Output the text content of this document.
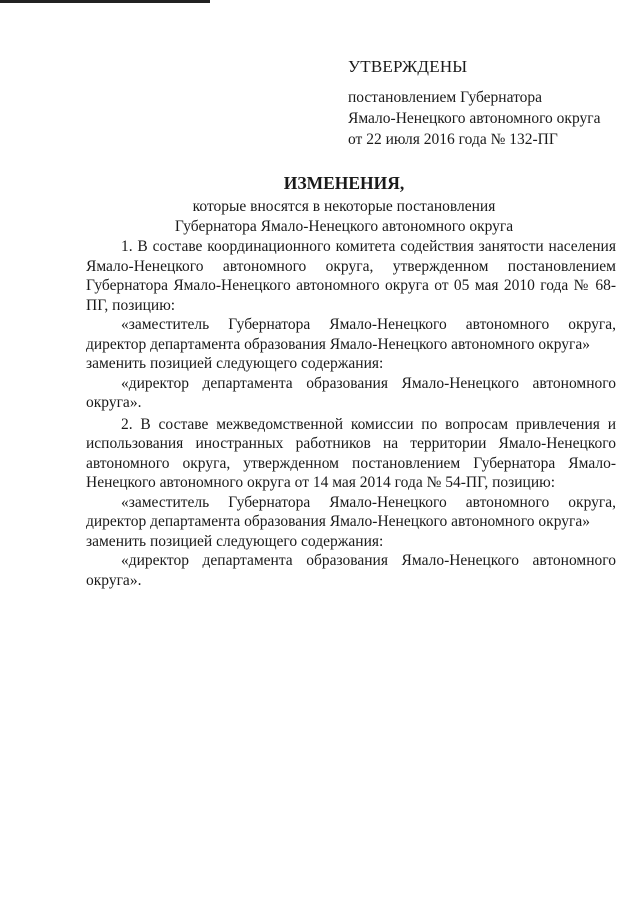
УТВЕРЖДЕНЫ
постановлением Губернатора
Ямало-Ненецкого автономного округа
от 22 июля 2016 года № 132-ПГ
ИЗМЕНЕНИЯ,
которые вносятся в некоторые постановления
Губернатора Ямало-Ненецкого автономного округа

1. В составе координационного комитета содействия занятости населения Ямало-Ненецкого автономного округа, утвержденном постановлением Губернатора Ямало-Ненецкого автономного округа от 05 мая 2010 года № 68-ПГ, позицию:

«заместитель Губернатора Ямало-Ненецкого автономного округа, директор департамента образования Ямало-Ненецкого автономного округа»

заменить позицией следующего содержания:

«директор департамента образования Ямало-Ненецкого автономного округа».

2. В составе межведомственной комиссии по вопросам привлечения и использования иностранных работников на территории Ямало-Ненецкого автономного округа, утвержденном постановлением Губернатора Ямало-Ненецкого автономного округа от 14 мая 2014 года № 54-ПГ, позицию:

«заместитель Губернатора Ямало-Ненецкого автономного округа, директор департамента образования Ямало-Ненецкого автономного округа»

заменить позицией следующего содержания:

«директор департамента образования Ямало-Ненецкого автономного округа».
